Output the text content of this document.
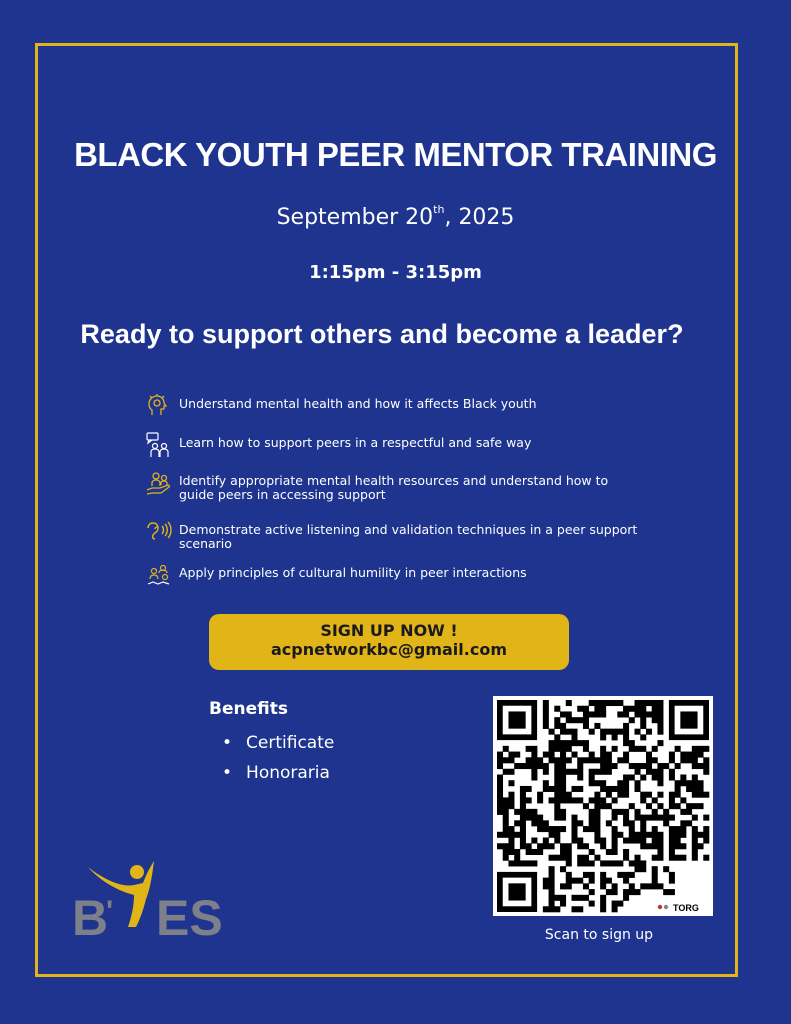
BLACK YOUTH PEER MENTOR TRAINING
September 20th, 2025
1:15pm - 3:15pm
Ready to support others and become a leader?
Understand mental health and how it affects Black youth
Learn how to support peers in a respectful and safe way
Identify appropriate mental health resources and understand how to guide peers in accessing support
Demonstrate active listening and validation techniques in a peer support scenario
Apply principles of cultural humility in peer interactions
SIGN UP NOW !
acpnetworkbc@gmail.com
Benefits
• Certificate
• Honoraria
TORG
Scan to sign up
B
' ES
